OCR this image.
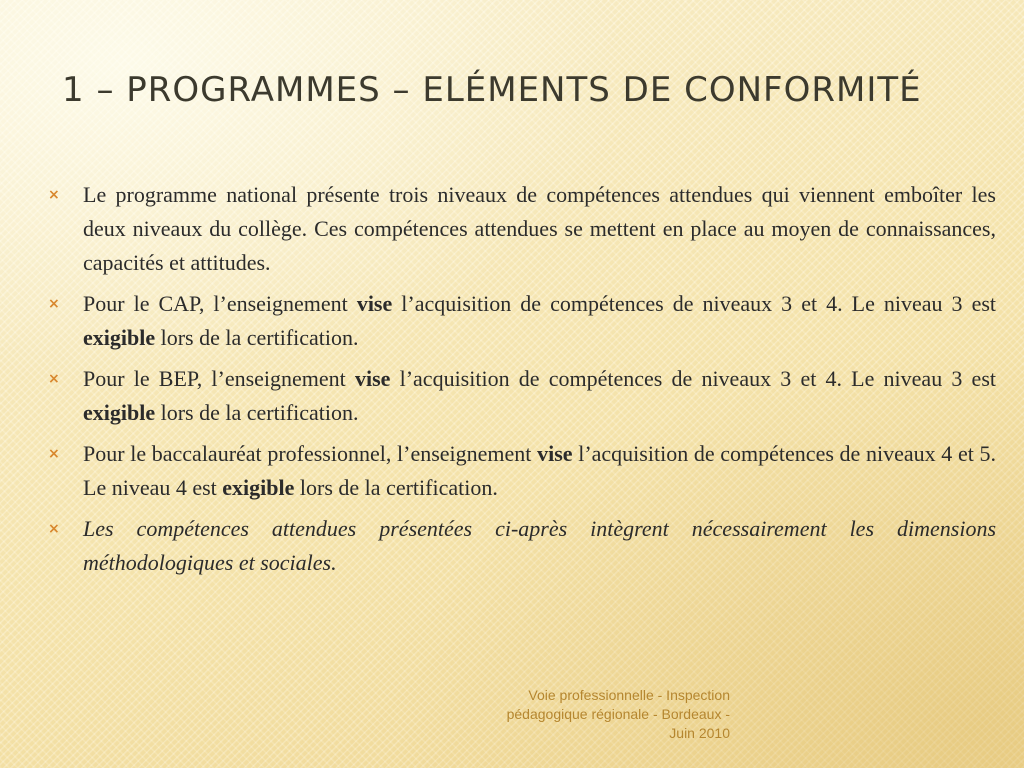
1 – PROGRAMMES – ELÉMENTS DE CONFORMITÉ
×	Le programme national présente trois niveaux de compétences attendues qui viennent emboîter les deux niveaux du collège. Ces compétences attendues se mettent en place au moyen de connaissances, capacités et attitudes.
×	Pour le CAP, l’enseignement vise l’acquisition de compétences de niveaux 3 et 4. Le niveau 3 est exigible lors de la certification.
×	Pour le BEP, l’enseignement vise l’acquisition de compétences de niveaux 3 et 4. Le niveau 3 est exigible lors de la certification.
×	Pour le baccalauréat professionnel, l’enseignement vise l’acquisition de compétences de niveaux 4 et 5. Le niveau 4 est exigible lors de la certification.
×	Les compétences attendues présentées ci-après intègrent nécessairement les dimensions méthodologiques et sociales.
Voie professionnelle - Inspection
pédagogique régionale - Bordeaux -
Juin 2010
